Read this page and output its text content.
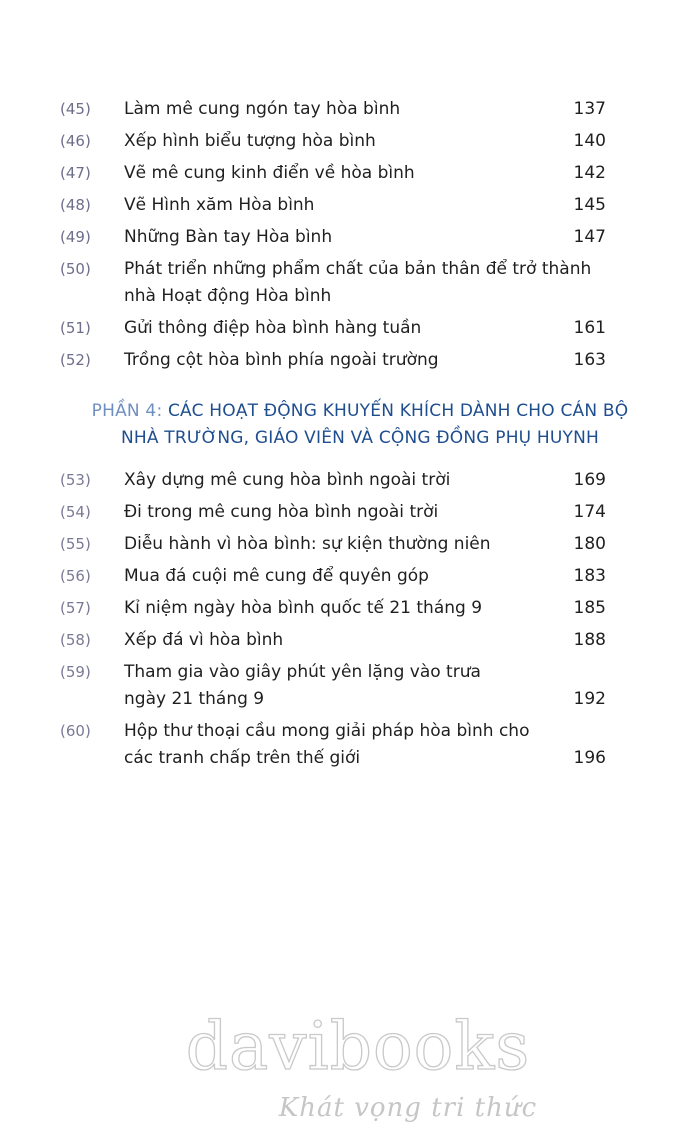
(45)	Làm mê cung ngón tay hòa bình	137
(46)	Xếp hình biểu tượng hòa bình	140
(47)	Vẽ mê cung kinh điển về hòa bình	142
(48)	Vẽ Hình xăm Hòa bình	145
(49)	Những Bàn tay Hòa bình	147
(50)	Phát triển những phẩm chất của bản thân để trở thành
nhà Hoạt động Hòa bình
(51)	Gửi thông điệp hòa bình hàng tuần	161
(52)	Trồng cột hòa bình phía ngoài trường	163
PHẦN 4: CÁC HOẠT ĐỘNG KHUYẾN KHÍCH DÀNH CHO CÁN BỘ
NHÀ TRƯỜNG, GIÁO VIÊN VÀ CỘNG ĐỒNG PHỤ HUYNH
(53)	Xây dựng mê cung hòa bình ngoài trời	169
(54)	Đi trong mê cung hòa bình ngoài trời	174
(55)	Diễu hành vì hòa bình: sự kiện thường niên	180
(56)	Mua đá cuội mê cung để quyên góp	183
(57)	Kỉ niệm ngày hòa bình quốc tế 21 tháng 9	185
(58)	Xếp đá vì hòa bình	188
(59)	Tham gia vào giây phút yên lặng vào trưa
ngày 21 tháng 9	192
(60)	Hộp thư thoại cầu mong giải pháp hòa bình cho
các tranh chấp trên thế giới	196
davibooks
Khát vọng tri thức
